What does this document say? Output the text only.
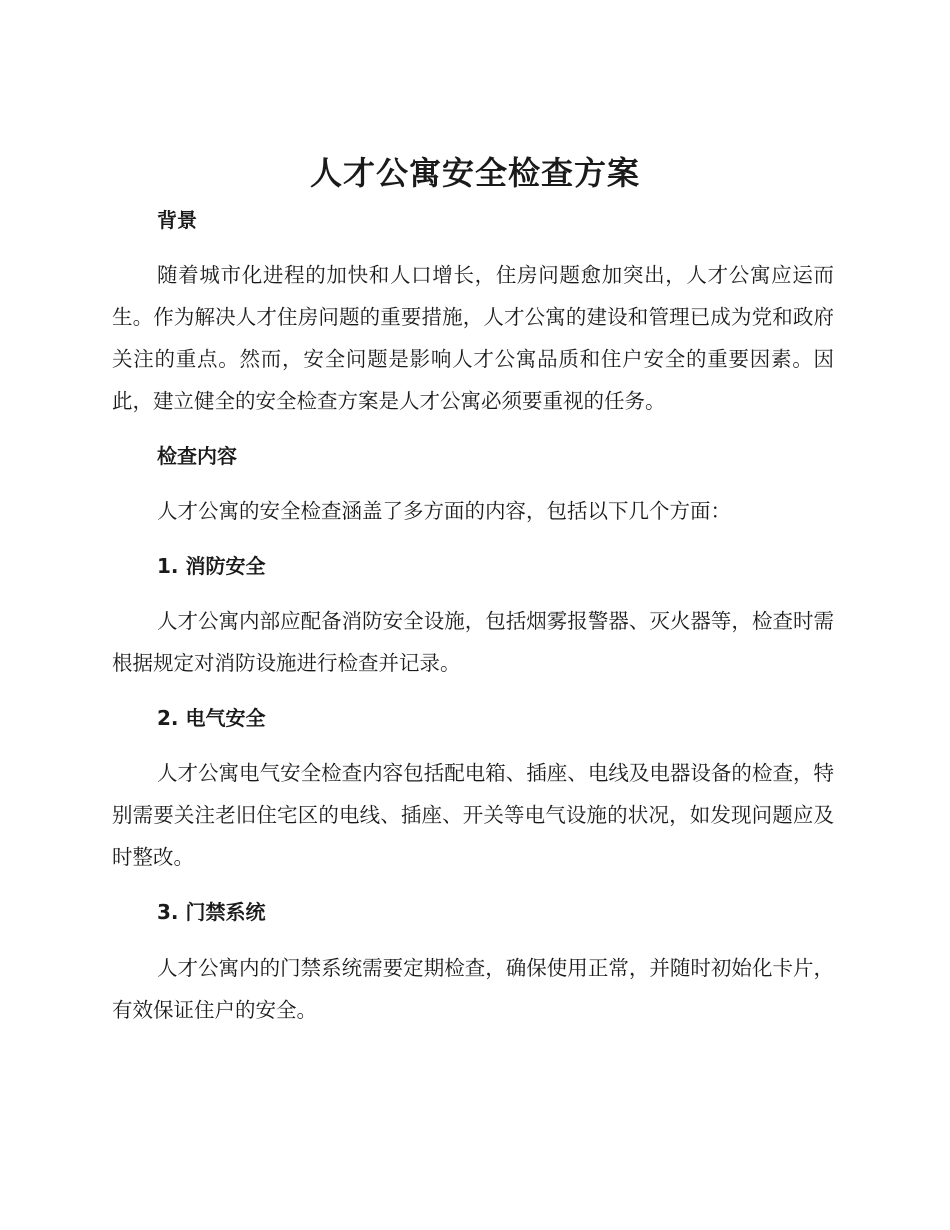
人才公寓安全检查方案
背景

随着城市化进程的加快和人口增长，住房问题愈加突出，人才公寓应运而生。作为解决人才住房问题的重要措施，人才公寓的建设和管理已成为党和政府关注的重点。然而，安全问题是影响人才公寓品质和住户安全的重要因素。因此，建立健全的安全检查方案是人才公寓必须要重视的任务。

检查内容

人才公寓的安全检查涵盖了多方面的内容，包括以下几个方面：

1. 消防安全

人才公寓内部应配备消防安全设施，包括烟雾报警器、灭火器等，检查时需根据规定对消防设施进行检查并记录。

2. 电气安全

人才公寓电气安全检查内容包括配电箱、插座、电线及电器设备的检查，特别需要关注老旧住宅区的电线、插座、开关等电气设施的状况，如发现问题应及时整改。

3. 门禁系统

人才公寓内的门禁系统需要定期检查，确保使用正常，并随时初始化卡片，有效保证住户的安全。
